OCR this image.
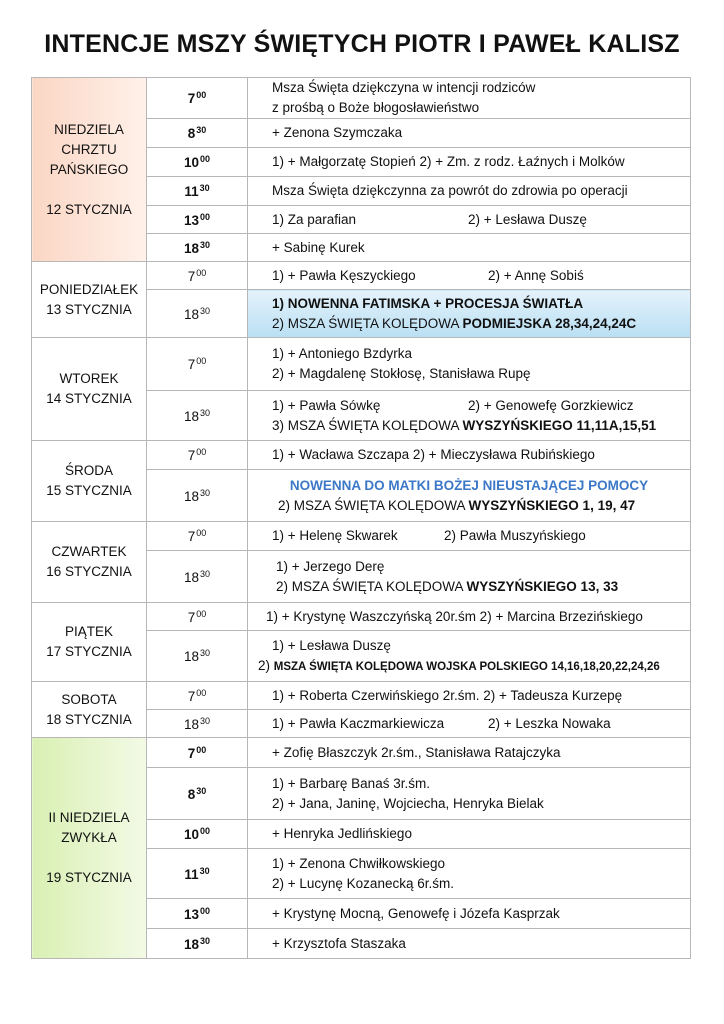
INTENCJE MSZY ŚWIĘTYCH PIOTR I PAWEŁ KALISZ
NIEDZIELA
CHRZTU
PAŃSKIEGO
12 STYCZNIA	$7^{00}$	Msza Święta dziękczyna w intencji rodziców
z prośbą o Boże błogosławieństwo

	$8^{30}$	+ Zenona Szymczaka
	$10^{00}$	1) + Małgorzatę Stopień 2) + Zm. z rodz. Łaźnych i Molków
	$11^{30}$	Msza Święta dziękczynna za powrót do zdrowia po operacji
	$13^{00}$	1) Za parafian 2) + Lesława Duszę

	$18^{30}$	+ Sabinę Kurek

PONIEDZIAŁEK
13 STYCZNIA	$7^{00}$	1) + Pawła Kęszyckiego 2) + Annę Sobiś

	$18^{30}$	1) NOWENNA FATIMSKA + PROCESJA ŚWIATŁA
2) MSZA ŚWIĘTA KOLĘDOWA PODMIEJSKA 28,34,24,24C

WTOREK
14 STYCZNIA	$7^{00}$	1) + Antoniego Bzdyrka
2) + Magdalenę Stokłosę, Stanisława Rupę

	$18^{30}$	1) + Pawła Sówkę 2) + Genowefę Gorzkiewicz
3) MSZA ŚWIĘTA KOLĘDOWA WYSZYŃSKIEGO 11,11A,15,51

ŚRODA
15 STYCZNIA	$7^{00}$	1) + Wacława Szczapa 2) + Mieczysława Rubińskiego
	$18^{30}$	NOWENNA DO MATKI BOŻEJ NIEUSTAJĄCEJ POMOCY
2) MSZA ŚWIĘTA KOLĘDOWA WYSZYŃSKIEGO 1, 19, 47

CZWARTEK
16 STYCZNIA	$7^{00}$	1) + Helenę Skwarek 2) Pawła Muszyńskiego

	$18^{30}$	1) + Jerzego Derę
2) MSZA ŚWIĘTA KOLĘDOWA WYSZYŃSKIEGO 13, 33

PIĄTEK
17 STYCZNIA	$7^{00}$	1) + Krystynę Waszczyńską 20r.śm 2) + Marcina Brzezińskiego
	$18^{30}$	1) + Lesława Duszę
2) MSZA ŚWIĘTA KOLĘDOWA WOJSKA POLSKIEGO 14,16,18,20,22,24,26

SOBOTA
18 STYCZNIA	$7^{00}$	1) + Roberta Czerwińskiego 2r.śm. 2) + Tadeusza Kurzepę
	$18^{30}$	1) + Pawła Kaczmarkiewicza 2) + Leszka Nowaka

II NIEDZIELA
ZWYKŁA
19 STYCZNIA	$7^{00}$	+ Zofię Błaszczyk 2r.śm., Stanisława Ratajczyka
	$8^{30}$	1) + Barbarę Banaś 3r.śm.
2) + Jana, Janinę, Wojciecha, Henryka Bielak

	$10^{00}$	+ Henryka Jedlińskiego
	$11^{30}$	1) + Zenona Chwiłkowskiego
2) + Lucynę Kozanecką 6r.śm.

	$13^{00}$	+ Krystynę Mocną, Genowefę i Józefa Kasprzak
	$18^{30}$	+ Krzysztofa Staszaka
